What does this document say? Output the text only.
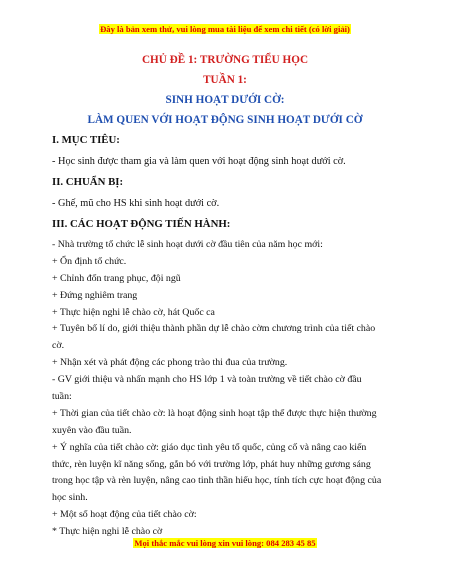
Đây là bản xem thử, vui lòng mua tài liệu để xem chi tiết (có lời giải)
CHỦ ĐỀ 1: TRƯỜNG TIỂU HỌC
TUẦN 1:
SINH HOẠT DƯỚI CỜ:
LÀM QUEN VỚI HOẠT ĐỘNG SINH HOẠT DƯỚI CỜ
I. MỤC TIÊU:
- Học sinh được tham gia và làm quen với hoạt động sinh hoạt dưới cờ.
II. CHUẨN BỊ:
- Ghế, mũ cho HS khi sinh hoạt dưới cờ.
III. CÁC HOẠT ĐỘNG TIẾN HÀNH:
- Nhà trường tổ chức lễ sinh hoạt dưới cờ đầu tiên của năm học mới:
+ Ổn định tổ chức.
+ Chỉnh đốn trang phục, đội ngũ
+ Đứng nghiêm trang
+ Thực hiện nghi lễ chào cờ, hát Quốc ca
+ Tuyên bố lí do, giới thiệu thành phần dự lễ chào cờm chương trình của tiết chào
cờ.
+ Nhận xét và phát động các phong trào thi đua của trường.
- GV giới thiệu và nhấn mạnh cho HS lớp 1 và toàn trường về tiết chào cờ đầu
tuần:
+ Thời gian của tiết chào cờ: là hoạt động sinh hoạt tập thể được thực hiện thường
xuyên vào đầu tuần.
+ Ý nghĩa của tiết chào cờ: giáo dục tình yêu tổ quốc, củng cố và nâng cao kiến
thức, rèn luyện kĩ năng sống, gắn bó với trường lớp, phát huy những gương sáng
trong học tập và rèn luyện, nâng cao tinh thần hiếu học, tính tích cực hoạt động của
học sinh.
+ Một số hoạt động của tiết chào cờ:
* Thực hiện nghi lễ chào cờ
Mọi thắc mắc vui lòng xin vui lòng: 084 283 45 85
